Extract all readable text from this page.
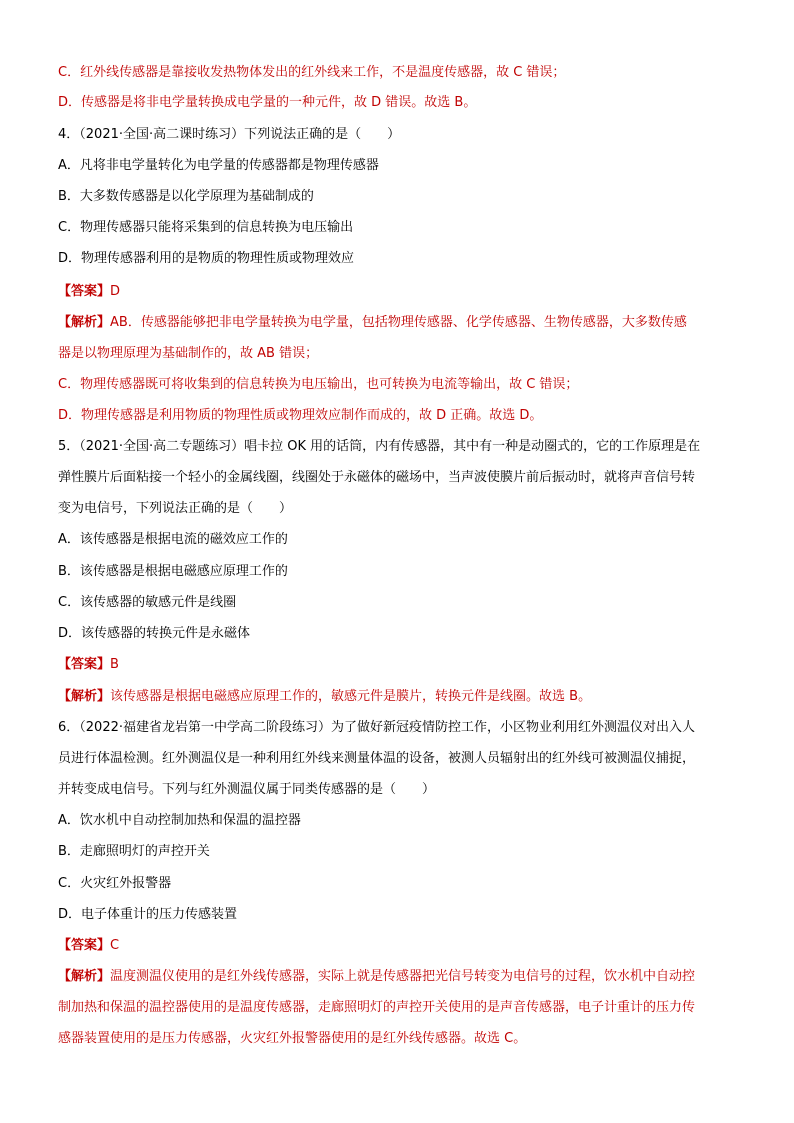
C．红外线传感器是靠接收发热物体发出的红外线来工作，不是温度传感器，故 C 错误；
D．传感器是将非电学量转换成电学量的一种元件，故 D 错误。故选 B。
4．（2021·全国·高二课时练习）下列说法正确的是（　　）
A．凡将非电学量转化为电学量的传感器都是物理传感器
B．大多数传感器是以化学原理为基础制成的
C．物理传感器只能将采集到的信息转换为电压输出
D．物理传感器利用的是物质的物理性质或物理效应
【答案】D
【解析】AB．传感器能够把非电学量转换为电学量，包括物理传感器、化学传感器、生物传感器，大多数传感
器是以物理原理为基础制作的，故 AB 错误；
C．物理传感器既可将收集到的信息转换为电压输出，也可转换为电流等输出，故 C 错误；
D．物理传感器是利用物质的物理性质或物理效应制作而成的，故 D 正确。故选 D。
5．（2021·全国·高二专题练习）唱卡拉 OK 用的话筒，内有传感器，其中有一种是动圈式的，它的工作原理是在
弹性膜片后面粘接一个轻小的金属线圈，线圈处于永磁体的磁场中，当声波使膜片前后振动时，就将声音信号转
变为电信号，下列说法正确的是（　　）
A．该传感器是根据电流的磁效应工作的
B．该传感器是根据电磁感应原理工作的
C．该传感器的敏感元件是线圈
D．该传感器的转换元件是永磁体
【答案】B
【解析】该传感器是根据电磁感应原理工作的，敏感元件是膜片，转换元件是线圈。故选 B。
6．（2022·福建省龙岩第一中学高二阶段练习）为了做好新冠疫情防控工作，小区物业利用红外测温仪对出入人
员进行体温检测。红外测温仪是一种利用红外线来测量体温的设备，被测人员辐射出的红外线可被测温仪捕捉，
并转变成电信号。下列与红外测温仪属于同类传感器的是（　　）
A．饮水机中自动控制加热和保温的温控器
B．走廊照明灯的声控开关
C．火灾红外报警器
D．电子体重计的压力传感装置
【答案】C
【解析】温度测温仪使用的是红外线传感器，实际上就是传感器把光信号转变为电信号的过程，饮水机中自动控
制加热和保温的温控器使用的是温度传感器，走廊照明灯的声控开关使用的是声音传感器，电子计重计的压力传
感器装置使用的是压力传感器，火灾红外报警器使用的是红外线传感器。故选 C。
